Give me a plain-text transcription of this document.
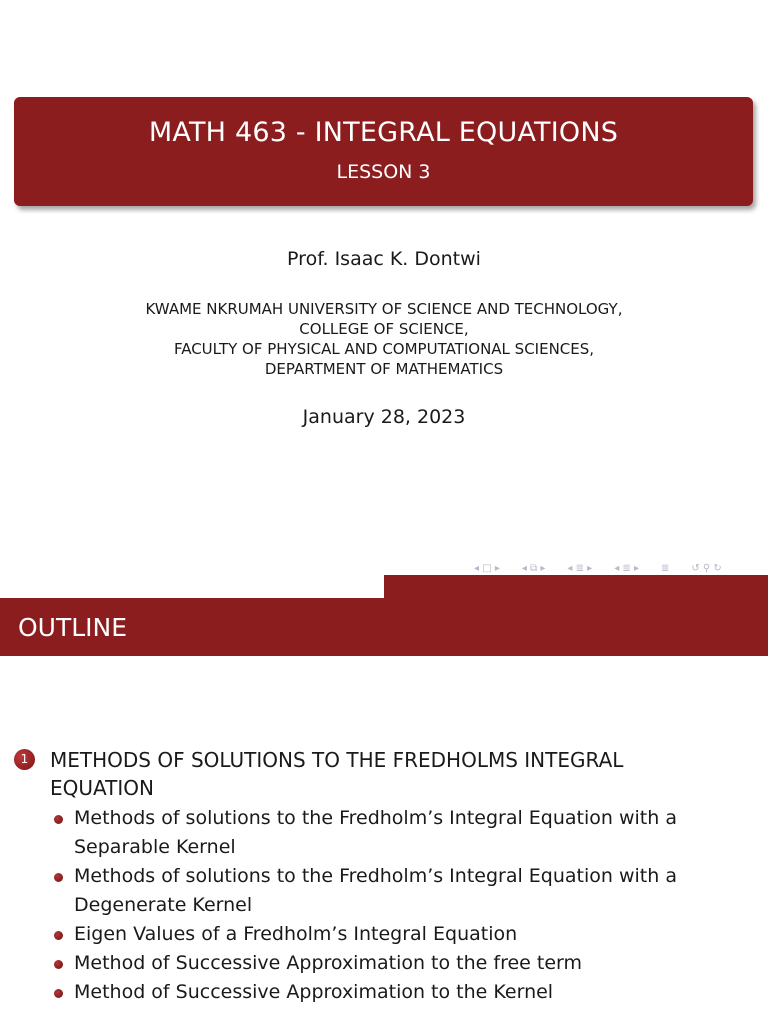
MATH 463 - INTEGRAL EQUATIONS
LESSON 3
Prof. Isaac K. Dontwi
KWAME NKRUMAH UNIVERSITY OF SCIENCE AND TECHNOLOGY,
COLLEGE OF SCIENCE,
FACULTY OF PHYSICAL AND COMPUTATIONAL SCIENCES,
DEPARTMENT OF MATHEMATICS
January 28, 2023
◂ □ ▸ ◂ ⧉ ▸ ◂ ≣ ▸ ◂ ≣ ▸ ≣ ↺ ⚲ ↻
OUTLINE
1	METHODS OF SOLUTIONS TO THE FREDHOLMS INTEGRAL EQUATION
Methods of solutions to the Fredholm’s Integral Equation with a Separable Kernel
Methods of solutions to the Fredholm’s Integral Equation with a Degenerate Kernel
Eigen Values of a Fredholm’s Integral Equation
Method of Successive Approximation to the free term
Method of Successive Approximation to the Kernel
